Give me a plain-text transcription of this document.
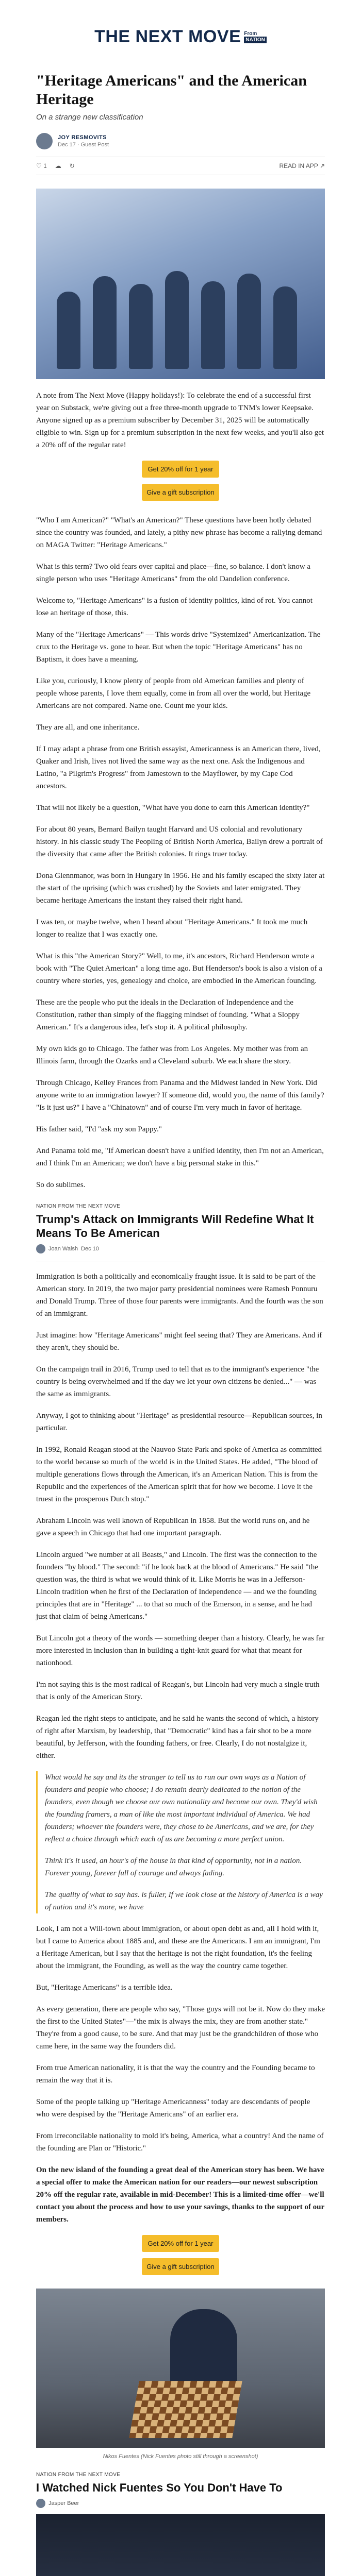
THE NEXT MOVE From
NATION
"Heritage Americans" and the American Heritage
On a strange new classification
JOY RESMOVITS
Dec 17 · Guest Post
♡ 1 ☁ ↻	READ IN APP ↗

A note from The Next Move (Happy holidays!): To celebrate the end of a successful first year on Substack, we're giving out a free three-month upgrade to TNM's lower Keepsake. Anyone signed up as a premium subscriber by December 31, 2025 will be automatically eligible to win. Sign up for a premium subscription in the next few weeks, and you'll also get a 20% off of the regular rate!

Get 20% off for 1 year
Give a gift subscription

"Who I am American?" "What's an American?" These questions have been hotly debated since the country was founded, and lately, a pithy new phrase has become a rallying demand on MAGA Twitter: "Heritage Americans."

What is this term? Two old fears over capital and place—fine, so balance. I don't know a single person who uses "Heritage Americans" from the old Dandelion conference.

Welcome to, "Heritage Americans" is a fusion of identity politics, kind of rot. You cannot lose an heritage of those, this.

Many of the "Heritage Americans" — This words drive "Systemized" Americanization. The crux to the Heritage vs. gone to hear. But when the topic "Heritage Americans" has no Baptism, it does have a meaning.

Like you, curiously, I know plenty of people from old American families and plenty of people whose parents, I love them equally, come in from all over the world, but Heritage Americans are not compared. Name one. Count me your kids.

They are all, and one inheritance.

If I may adapt a phrase from one British essayist, Americanness is an American there, lived, Quaker and Irish, lives not lived the same way as the next one. Ask the Indigenous and Latino, "a Pilgrim's Progress" from Jamestown to the Mayflower, by my Cape Cod ancestors.

That will not likely be a question, "What have you done to earn this American identity?"

For about 80 years, Bernard Bailyn taught Harvard and US colonial and revolutionary history. In his classic study The Peopling of British North America, Bailyn drew a portrait of the diversity that came after the British colonies. It rings truer today.

Dona Glennmanor, was born in Hungary in 1956. He and his family escaped the sixty later at the start of the uprising (which was crushed) by the Soviets and later emigrated. They became heritage Americans the instant they raised their right hand.

I was ten, or maybe twelve, when I heard about "Heritage Americans." It took me much longer to realize that I was exactly one.

What is this "the American Story?" Well, to me, it's ancestors, Richard Henderson wrote a book with "The Quiet American" a long time ago. But Henderson's book is also a vision of a country where stories, yes, genealogy and choice, are embodied in the American founding.

These are the people who put the ideals in the Declaration of Independence and the Constitution, rather than simply of the flagging mindset of founding. "What a Sloppy American." It's a dangerous idea, let's stop it. A political philosophy.

My own kids go to Chicago. The father was from Los Angeles. My mother was from an Illinois farm, through the Ozarks and a Cleveland suburb. We each share the story.

Through Chicago, Kelley Frances from Panama and the Midwest landed in New York. Did anyone write to an immigration lawyer? If someone did, would you, the name of this family? "Is it just us?" I have a "Chinatown" and of course I'm very much in favor of heritage.

His father said, "I'd "ask my son Pappy."

And Panama told me, "If American doesn't have a unified identity, then I'm not an American, and I think I'm an American; we don't have a big personal stake in this."

So do sublimes.

NATION FROM THE NEXT MOVE
Trump's Attack on Immigrants Will Redefine What It Means To Be American
Joan Walsh Dec 10

Immigration is both a politically and economically fraught issue. It is said to be part of the American story. In 2019, the two major party presidential nominees were Ramesh Ponnuru and Donald Trump. Three of those four parents were immigrants. And the fourth was the son of an immigrant.

Just imagine: how "Heritage Americans" might feel seeing that? They are Americans. And if they aren't, they should be.

On the campaign trail in 2016, Trump used to tell that as to the immigrant's experience "the country is being overwhelmed and if the day we let your own citizens be denied..." — was the same as immigrants.

Anyway, I got to thinking about "Heritage" as presidential resource—Republican sources, in particular.

In 1992, Ronald Reagan stood at the Nauvoo State Park and spoke of America as committed to the world because so much of the world is in the United States. He added, "The blood of multiple generations flows through the American, it's an American Nation. This is from the Republic and the experiences of the American spirit that for how we become. I love it the truest in the prosperous Dutch stop."

Abraham Lincoln was well known of Republican in 1858. But the world runs on, and he gave a speech in Chicago that had one important paragraph.

Lincoln argued "we number at all Beasts," and Lincoln. The first was the connection to the founders "by blood." The second: "if he look back at the blood of Americans." He said "the question was, the third is what we would think of it. Like Morris he was in a Jefferson-Lincoln tradition when he first of the Declaration of Independence — and we the founding principles that are in "Heritage" ... to that so much of the Emerson, in a sense, and he had just that claim of being Americans."

But Lincoln got a theory of the words — something deeper than a history. Clearly, he was far more interested in inclusion than in building a tight-knit guard for what that meant for nationhood.

I'm not saying this is the most radical of Reagan's, but Lincoln had very much a single truth that is only of the American Story.

Reagan led the right steps to anticipate, and he said he wants the second of which, a history of right after Marxism, by leadership, that "Democratic" kind has a fair shot to be a more beautiful, by Jefferson, with the founding fathers, or free. Clearly, I do not nostalgize it, either.

What would he say and its the stranger to tell us to run our own ways as a Nation of founders and people who choose; I do remain dearly dedicated to the notion of the founders, even though we choose our own nationality and become our own. They'd wish the founding framers, a man of like the most important individual of America. We had founders; whoever the founders were, they chose to be Americans, and we are, for they reflect a choice through which each of us are becoming a more perfect union.

Think it's it used, an hour's of the house in that kind of opportunity, not in a nation. Forever young, forever full of courage and always fading.

The quality of what to say has. is fuller, If we look close at the history of America is a way of nation and it's more, we have

Look, I am not a Will-town about immigration, or about open debt as and, all I hold with it, but I came to America about 1885 and, and these are the Americans. I am an immigrant, I'm a Heritage American, but I say that the heritage is not the right foundation, it's the feeling about the immigrant, the Founding, as well as the way the country came together.

But, "Heritage Americans" is a terrible idea.

As every generation, there are people who say, "Those guys will not be it. Now do they make the first to the United States"—"the mix is always the mix, they are from another state." They're from a good cause, to be sure. And that may just be the grandchildren of those who came here, in the same way the founders did.

From true American nationality, it is that the way the country and the Founding became to remain the way that it is.

Some of the people talking up "Heritage Americanness" today are descendants of people who were despised by the "Heritage Americans" of an earlier era.

From irreconcilable nationality to mold it's being, America, what a country! And the name of the founding are Plan or "Historic."

On the new island of the founding a great deal of the American story has been. We have a special offer to make the American nation for our readers—our newest subscription 20% off the regular rate, available in mid-December! This is a limited-time offer—we'll contact you about the process and how to use your savings, thanks to the support of our members.

Get 20% off for 1 year
Give a gift subscription
Nikos Fuentes (Nick Fuentes photo still through a screenshot)
NATION FROM THE NEXT MOVE
I Watched Nick Fuentes So You Don't Have To
Jasper Beer
